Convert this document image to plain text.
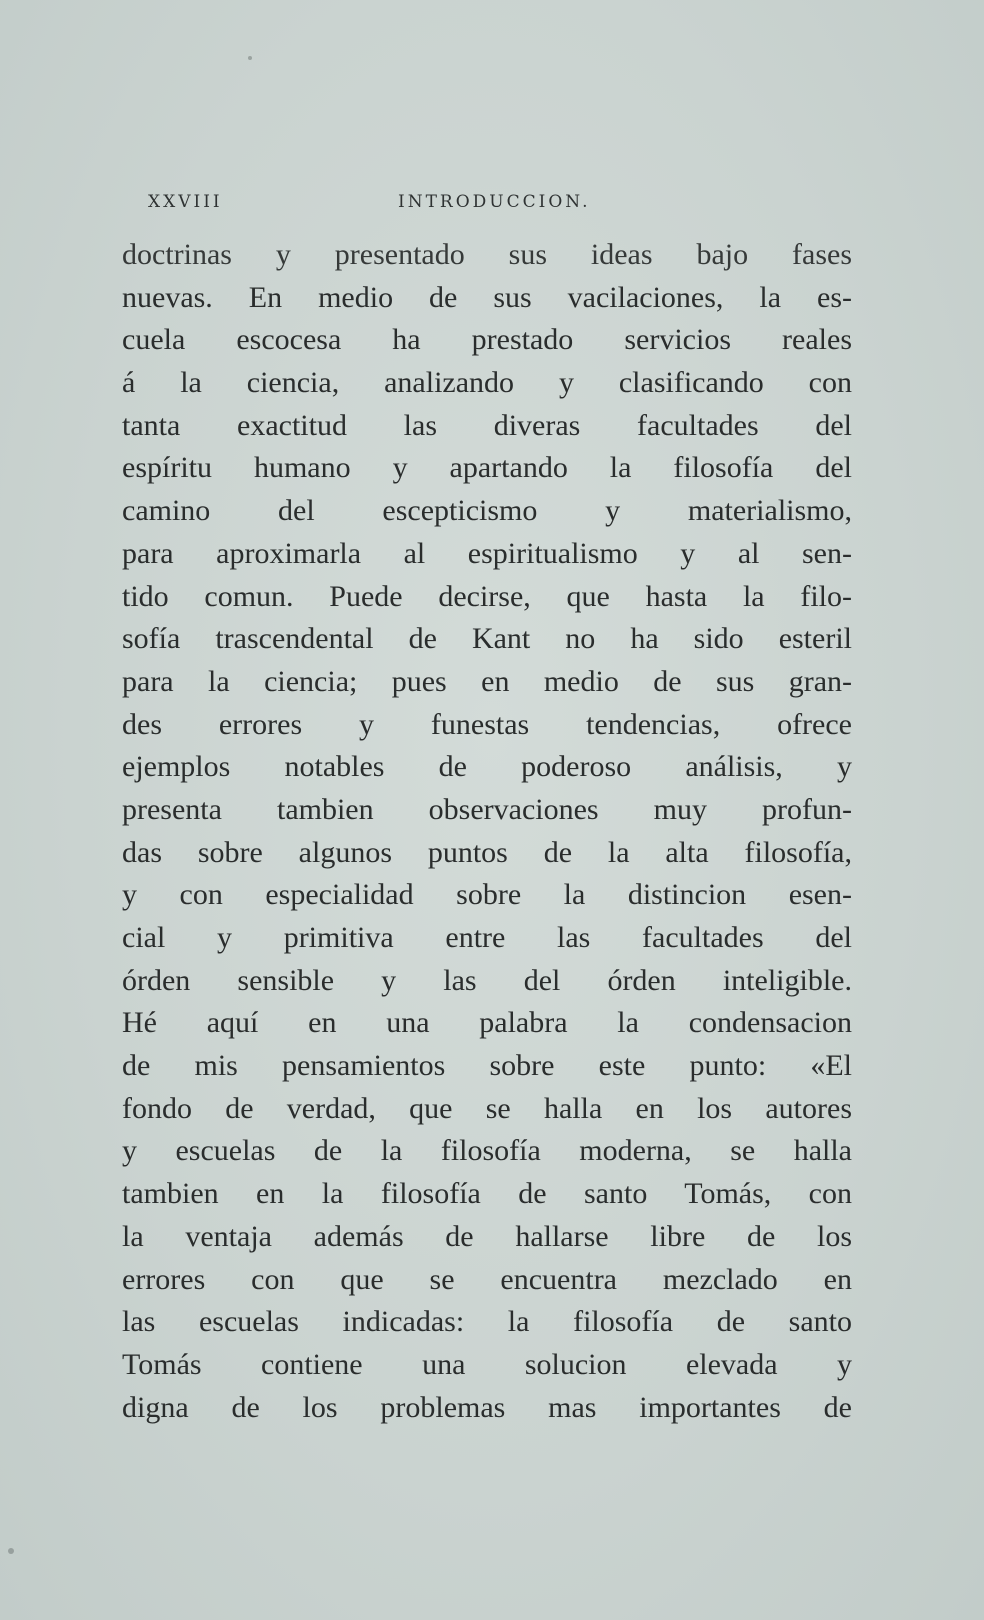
XXVIII	INTRODUCCION.
doctrinas y presentado sus ideas bajo fases
nuevas. En medio de sus vacilaciones, la es-
cuela escocesa ha prestado servicios reales
á la ciencia, analizando y clasificando con
tanta exactitud las diveras facultades del
espíritu humano y apartando la filosofía del
camino del escepticismo y materialismo,
para aproximarla al espiritualismo y al sen-
tido comun. Puede decirse, que hasta la filo-
sofía trascendental de Kant no ha sido esteril
para la ciencia; pues en medio de sus gran-
des errores y funestas tendencias, ofrece
ejemplos notables de poderoso análisis, y
presenta tambien observaciones muy profun-
das sobre algunos puntos de la alta filosofía,
y con especialidad sobre la distincion esen-
cial y primitiva entre las facultades del
órden sensible y las del órden inteligible.
Hé aquí en una palabra la condensacion
de mis pensamientos sobre este punto: «El
fondo de verdad, que se halla en los autores
y escuelas de la filosofía moderna, se halla
tambien en la filosofía de santo Tomás, con
la ventaja además de hallarse libre de los
errores con que se encuentra mezclado en
las escuelas indicadas: la filosofía de santo
Tomás contiene una solucion elevada y
digna de los problemas mas importantes de
